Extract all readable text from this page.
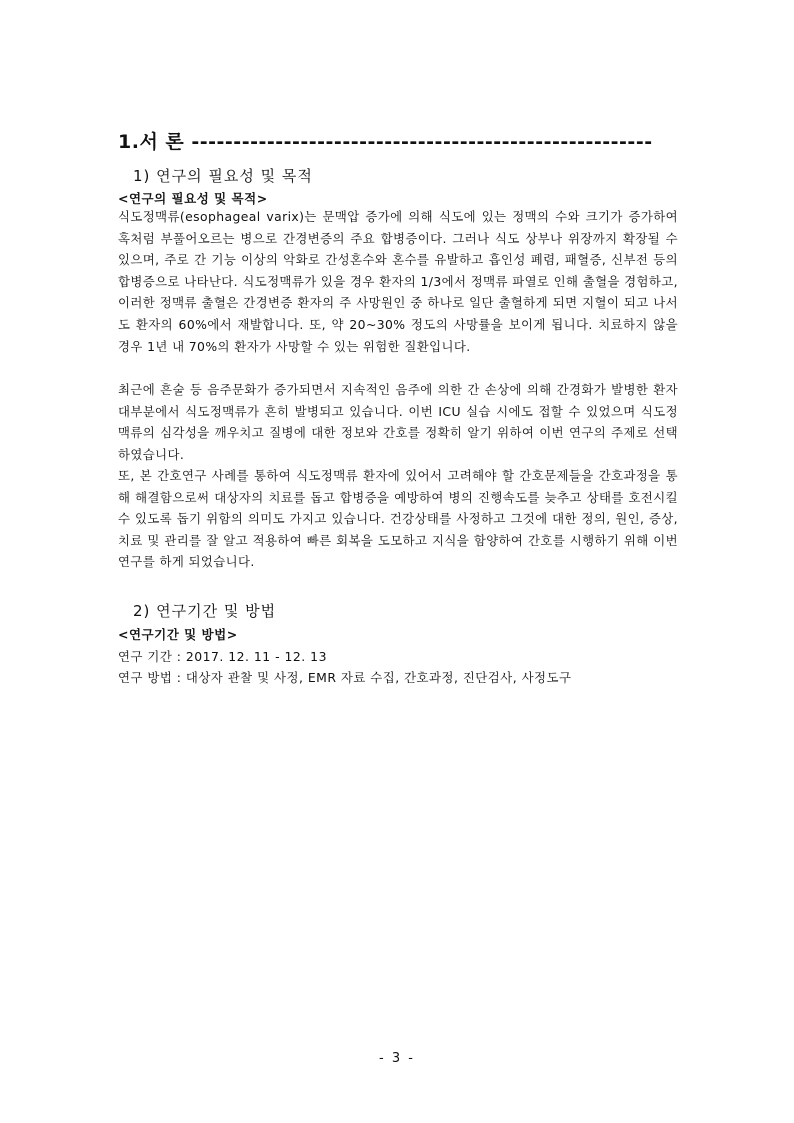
1.서 론 -------------------------------------------------------
1) 연구의 필요성 및 목적
<연구의 필요성 및 목적>

식도정맥류(esophageal varix)는 문맥압 증가에 의해 식도에 있는 정맥의 수와 크기가 증가하여 혹처럼 부풀어오르는 병으로 간경변증의 주요 합병증이다. 그러나 식도 상부나 위장까지 확장될 수 있으며, 주로 간 기능 이상의 악화로 간성혼수와 혼수를 유발하고 흡인성 폐렴, 패혈증, 신부전 등의 합병증으로 나타난다. 식도정맥류가 있을 경우 환자의 1/3에서 정맥류 파열로 인해 출혈을 경험하고, 이러한 정맥류 출혈은 간경변증 환자의 주 사망원인 중 하나로 일단 출혈하게 되면 지혈이 되고 나서도 환자의 60%에서 재발합니다. 또, 약 20~30% 정도의 사망률을 보이게 됩니다. 치료하지 않을 경우 1년 내 70%의 환자가 사망할 수 있는 위험한 질환입니다.

최근에 흔술 등 음주문화가 증가되면서 지속적인 음주에 의한 간 손상에 의해 간경화가 발병한 환자 대부분에서 식도정맥류가 흔히 발병되고 있습니다. 이번 ICU 실습 시에도 접할 수 있었으며 식도정맥류의 심각성을 깨우치고 질병에 대한 정보와 간호를 정확히 알기 위하여 이번 연구의 주제로 선택하였습니다.

또, 본 간호연구 사례를 통하여 식도정맥류 환자에 있어서 고려해야 할 간호문제들을 간호과정을 통해 해결함으로써 대상자의 치료를 돕고 합병증을 예방하여 병의 진행속도를 늦추고 상태를 호전시킬 수 있도록 돕기 위함의 의미도 가지고 있습니다. 건강상태를 사정하고 그것에 대한 정의, 원인, 증상, 치료 및 관리를 잘 알고 적용하여 빠른 회복을 도모하고 지식을 함양하여 간호를 시행하기 위해 이번 연구를 하게 되었습니다.

2) 연구기간 및 방법
<연구기간 및 방법>
연구 기간 : 2017. 12. 11 - 12. 13
연구 방법 : 대상자 관찰 및 사정, EMR 자료 수집, 간호과정, 진단검사, 사정도구
- 3 -
